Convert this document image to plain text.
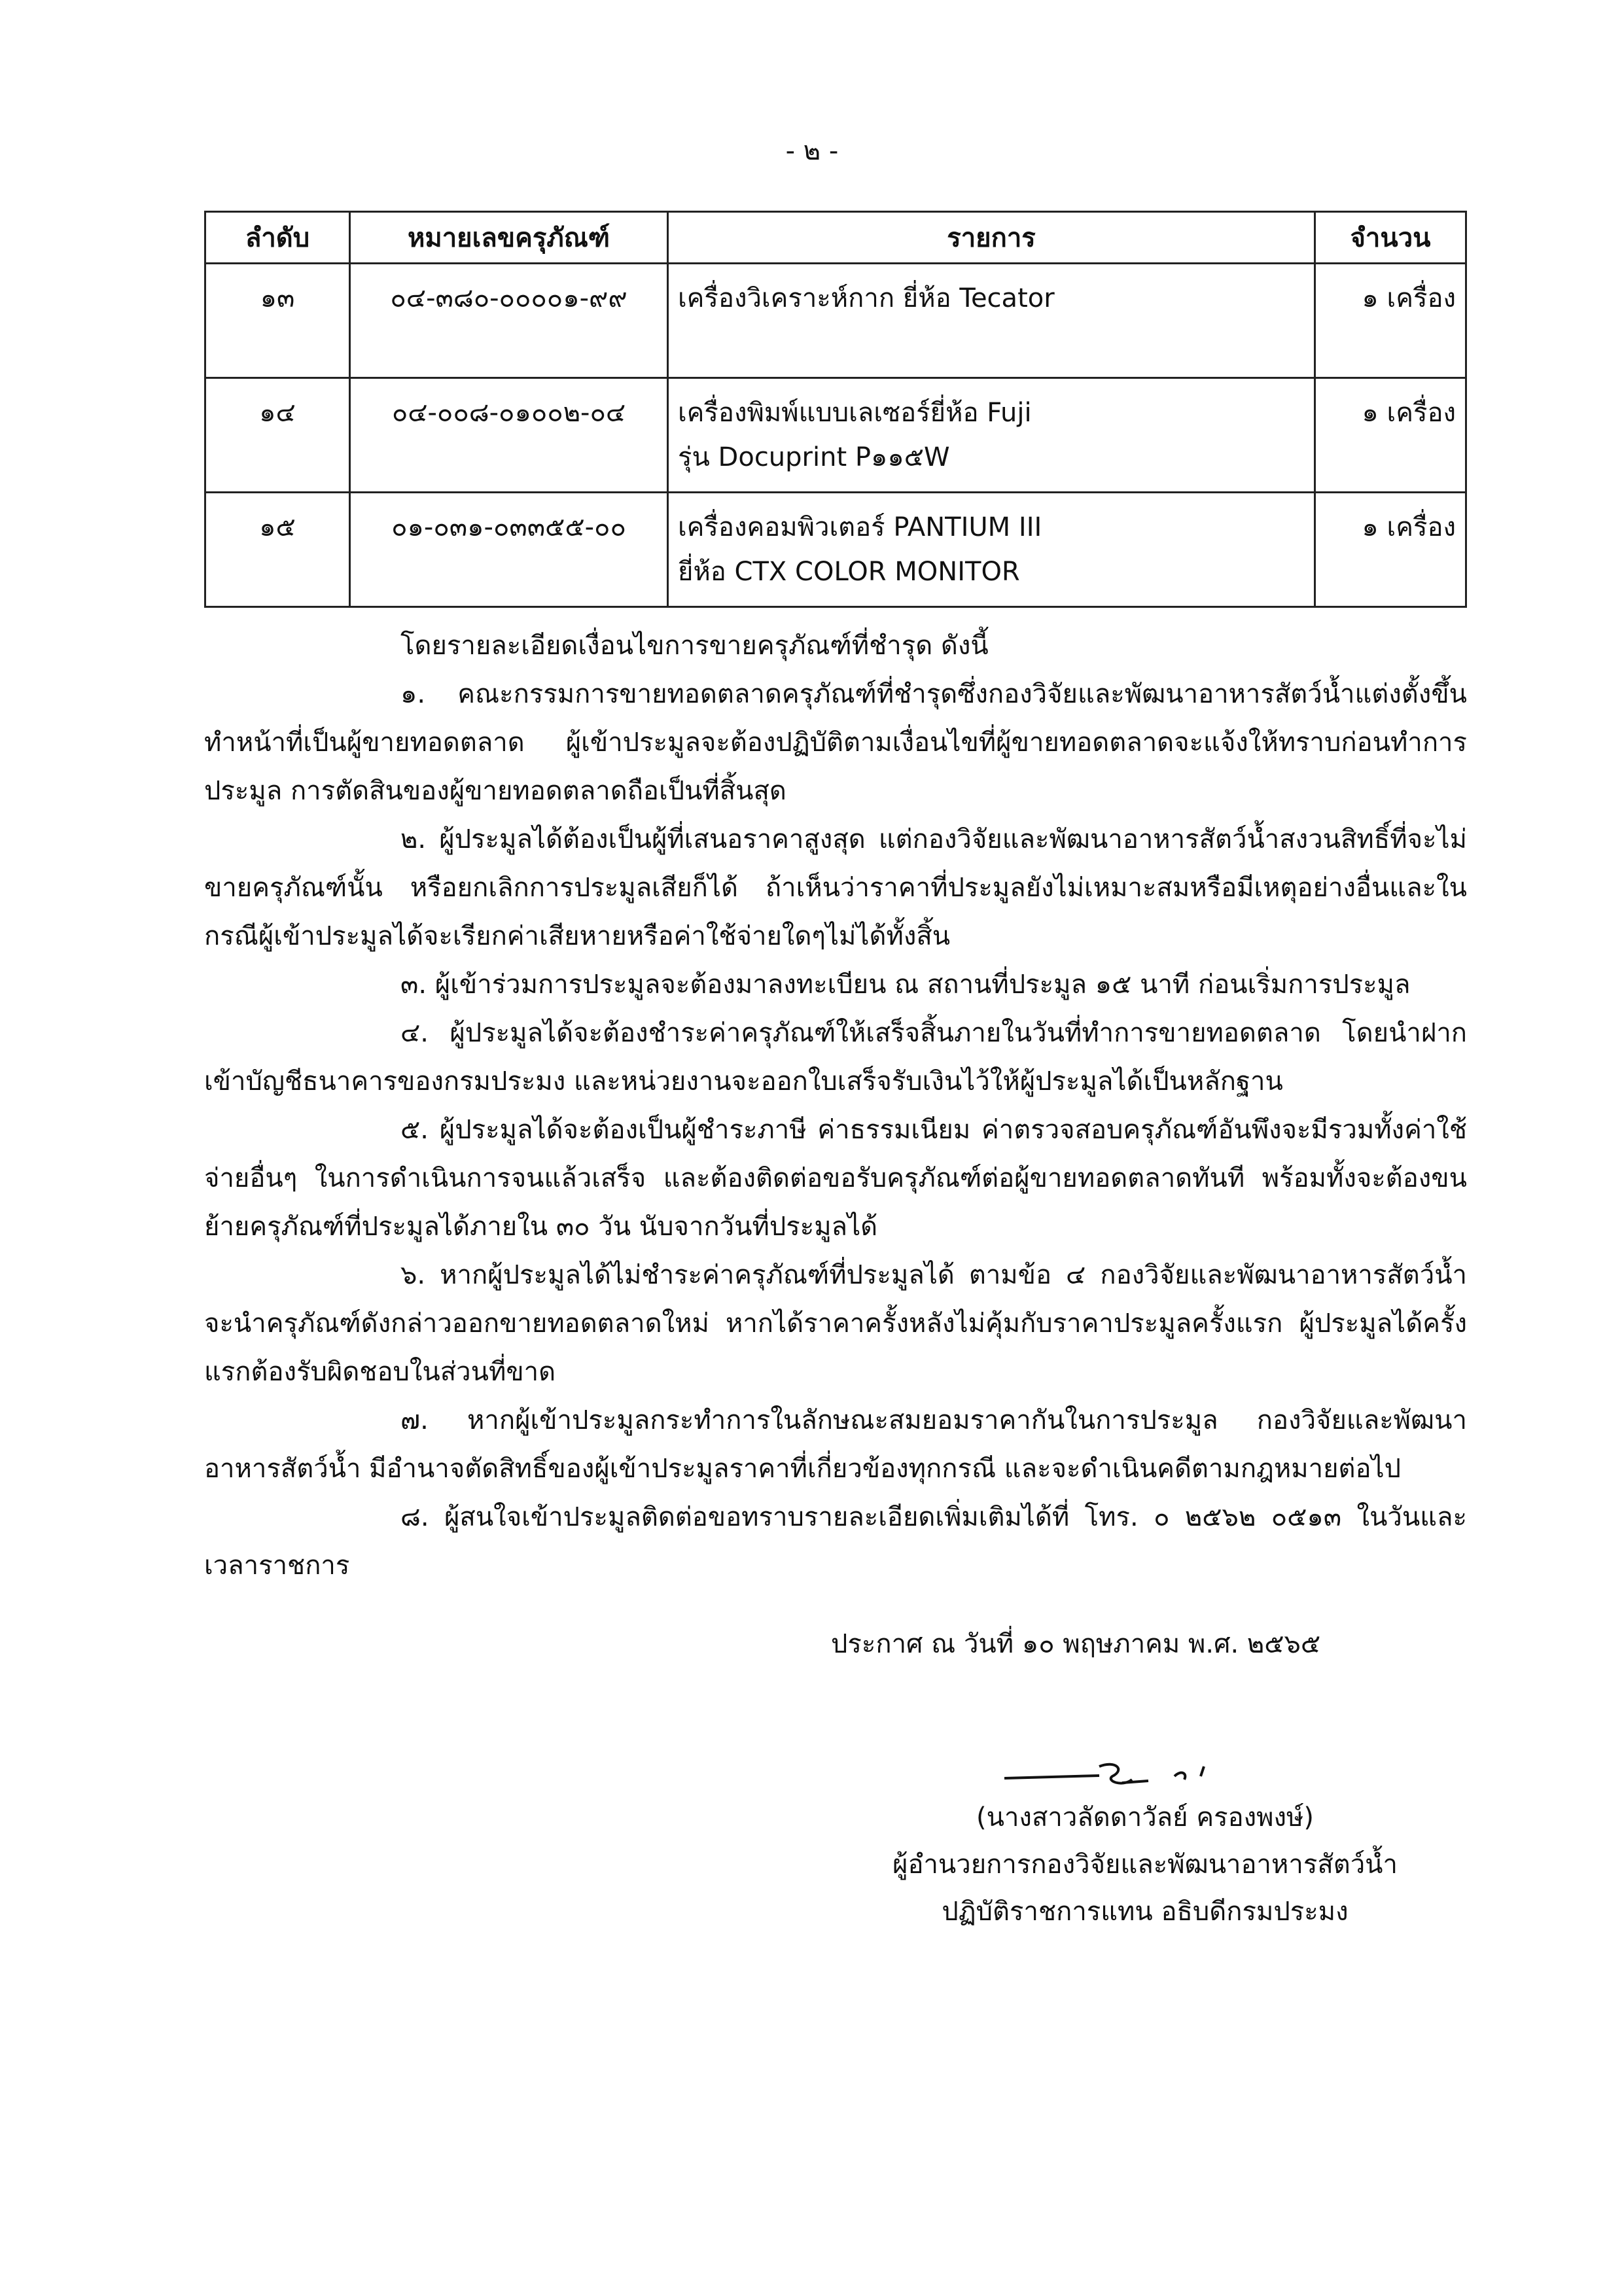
- ๒ -
ลำดับ	หมายเลขครุภัณฑ์	รายการ	จำนวน
๑๓	๐๔-๓๘๐-๐๐๐๐๑-๙๙	เครื่องวิเคราะห์กาก ยี่ห้อ Tecator	๑ เครื่อง
๑๔	๐๔-๐๐๘-๐๑๐๐๒-๐๔	เครื่องพิมพ์แบบเลเซอร์ยี่ห้อ Fuji
รุ่น Docuprint P๑๑๕W	๑ เครื่อง
๑๕	๐๑-๐๓๑-๐๓๓๕๕-๐๐	เครื่องคอมพิวเตอร์ PANTIUM III
ยี่ห้อ CTX COLOR MONITOR	๑ เครื่อง

โดยรายละเอียดเงื่อนไขการขายครุภัณฑ์ที่ชำรุด ดังนี้

๑. คณะกรรมการขายทอดตลาดครุภัณฑ์ที่ชำรุดซึ่งกองวิจัยและพัฒนาอาหารสัตว์น้ำแต่งตั้งขึ้นทำหน้าที่เป็นผู้ขายทอดตลาด ผู้เข้าประมูลจะต้องปฏิบัติตามเงื่อนไขที่ผู้ขายทอดตลาดจะแจ้งให้ทราบก่อนทำการประมูล การตัดสินของผู้ขายทอดตลาดถือเป็นที่สิ้นสุด

๒. ผู้ประมูลได้ต้องเป็นผู้ที่เสนอราคาสูงสุด แต่กองวิจัยและพัฒนาอาหารสัตว์น้ำสงวนสิทธิ์ที่จะไม่ขายครุภัณฑ์นั้น หรือยกเลิกการประมูลเสียก็ได้ ถ้าเห็นว่าราคาที่ประมูลยังไม่เหมาะสมหรือมีเหตุอย่างอื่นและในกรณีผู้เข้าประมูลได้จะเรียกค่าเสียหายหรือค่าใช้จ่ายใดๆไม่ได้ทั้งสิ้น

๓. ผู้เข้าร่วมการประมูลจะต้องมาลงทะเบียน ณ สถานที่ประมูล ๑๕ นาที ก่อนเริ่มการประมูล

๔. ผู้ประมูลได้จะต้องชำระค่าครุภัณฑ์ให้เสร็จสิ้นภายในวันที่ทำการขายทอดตลาด โดยนำฝากเข้าบัญชีธนาคารของกรมประมง และหน่วยงานจะออกใบเสร็จรับเงินไว้ให้ผู้ประมูลได้เป็นหลักฐาน

๕. ผู้ประมูลได้จะต้องเป็นผู้ชำระภาษี ค่าธรรมเนียม ค่าตรวจสอบครุภัณฑ์อันพึงจะมีรวมทั้งค่าใช้จ่ายอื่นๆ ในการดำเนินการจนแล้วเสร็จ และต้องติดต่อขอรับครุภัณฑ์ต่อผู้ขายทอดตลาดทันที พร้อมทั้งจะต้องขนย้ายครุภัณฑ์ที่ประมูลได้ภายใน ๓๐ วัน นับจากวันที่ประมูลได้

๖. หากผู้ประมูลได้ไม่ชำระค่าครุภัณฑ์ที่ประมูลได้ ตามข้อ ๔ กองวิจัยและพัฒนาอาหารสัตว์น้ำจะนำครุภัณฑ์ดังกล่าวออกขายทอดตลาดใหม่ หากได้ราคาครั้งหลังไม่คุ้มกับราคาประมูลครั้งแรก ผู้ประมูลได้ครั้งแรกต้องรับผิดชอบในส่วนที่ขาด

๗. หากผู้เข้าประมูลกระทำการในลักษณะสมยอมราคากันในการประมูล กองวิจัยและพัฒนาอาหารสัตว์น้ำ มีอำนาจตัดสิทธิ์ของผู้เข้าประมูลราคาที่เกี่ยวข้องทุกกรณี และจะดำเนินคดีตามกฎหมายต่อไป

๘. ผู้สนใจเข้าประมูลติดต่อขอทราบรายละเอียดเพิ่มเติมได้ที่ โทร. ๐ ๒๕๖๒ ๐๕๑๓ ในวันและเวลาราชการ

ประกาศ ณ วันที่ ๑๐ พฤษภาคม พ.ศ. ๒๕๖๕
(นางสาวลัดดาวัลย์ ครองพงษ์)
ผู้อำนวยการกองวิจัยและพัฒนาอาหารสัตว์น้ำ
ปฏิบัติราชการแทน อธิบดีกรมประมง
